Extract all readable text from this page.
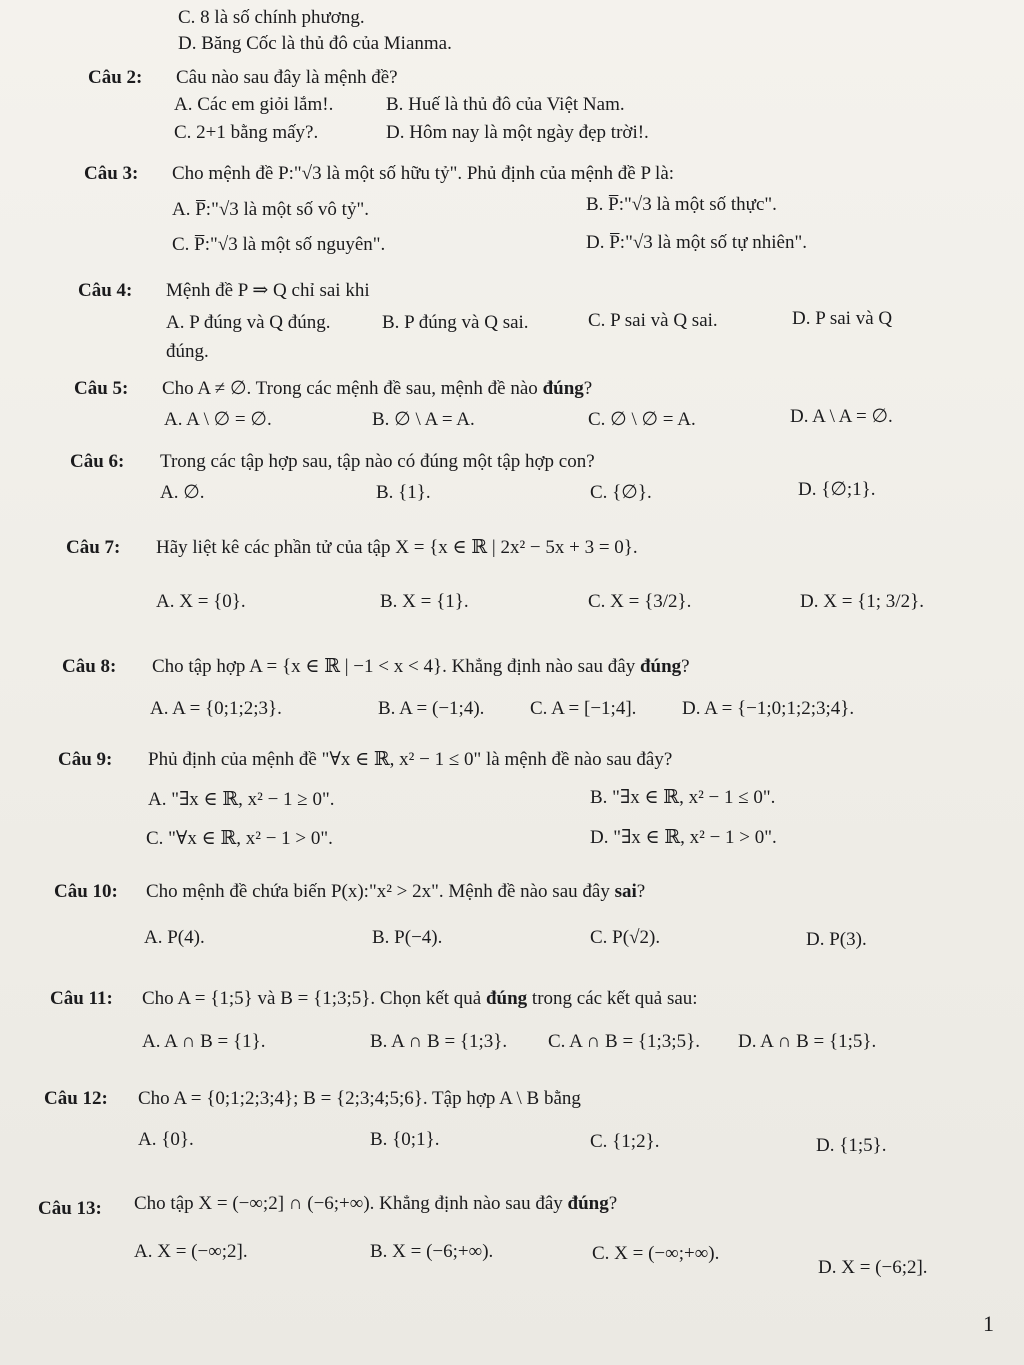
C. 8 là số chính phương.
D. Băng Cốc là thủ đô của Mianma.
Câu 2: Câu nào sau đây là mệnh đề?
A. Các em giỏi lắm!.	B. Huế là thủ đô của Việt Nam.
C. 2+1 bằng mấy?.	D. Hôm nay là một ngày đẹp trời!.
Câu 3: Cho mệnh đề P:"√3 là một số hữu tỷ". Phủ định của mệnh đề P là:
A. P̅:"√3 là một số vô tỷ".	B. P̅:"√3 là một số thực".
C. P̅:"√3 là một số nguyên".	D. P̅:"√3 là một số tự nhiên".
Câu 4: Mệnh đề P ⇒ Q chỉ sai khi
A. P đúng và Q đúng.	B. P đúng và Q sai.	C. P sai và Q sai.	D. P sai và Q
đúng.
Câu 5: Cho A ≠ ∅. Trong các mệnh đề sau, mệnh đề nào đúng?
A. A \ ∅ = ∅.	B. ∅ \ A = A.	C. ∅ \ ∅ = A.	D. A \ A = ∅.
Câu 6: Trong các tập hợp sau, tập nào có đúng một tập hợp con?
A. ∅.	B. {1}.	C. {∅}.	D. {∅;1}.
Câu 7: Hãy liệt kê các phần tử của tập X = {x ∈ ℝ | 2x² − 5x + 3 = 0}.
A. X = {0}.	B. X = {1}.	C. X = {3/2}.	D. X = {1; 3/2}.
Câu 8: Cho tập hợp A = {x ∈ ℝ | −1 < x < 4}. Khẳng định nào sau đây đúng?
A. A = {0;1;2;3}.	B. A = (−1;4). C. A = [−1;4]. D. A = {−1;0;1;2;3;4}.
Câu 9: Phủ định của mệnh đề "∀x ∈ ℝ, x² − 1 ≤ 0" là mệnh đề nào sau đây?
A. "∃x ∈ ℝ, x² − 1 ≥ 0".	B. "∃x ∈ ℝ, x² − 1 ≤ 0".
C. "∀x ∈ ℝ, x² − 1 > 0".	D. "∃x ∈ ℝ, x² − 1 > 0".
Câu 10: Cho mệnh đề chứa biến P(x):"x² > 2x". Mệnh đề nào sau đây sai?
A. P(4).	B. P(−4).	C. P(√2).	D. P(3).
Câu 11: Cho A = {1;5} và B = {1;3;5}. Chọn kết quả đúng trong các kết quả sau:
A. A ∩ B = {1}.	B. A ∩ B = {1;3}. C. A ∩ B = {1;3;5}. D. A ∩ B = {1;5}.
Câu 12: Cho A = {0;1;2;3;4}; B = {2;3;4;5;6}. Tập hợp A \ B bằng
A. {0}.	B. {0;1}.	C. {1;2}.	D. {1;5}.
Câu 13: Cho tập X = (−∞;2] ∩ (−6;+∞). Khẳng định nào sau đây đúng?
A. X = (−∞;2].	B. X = (−6;+∞).	C. X = (−∞;+∞).
D. X = (−6;2].
1
